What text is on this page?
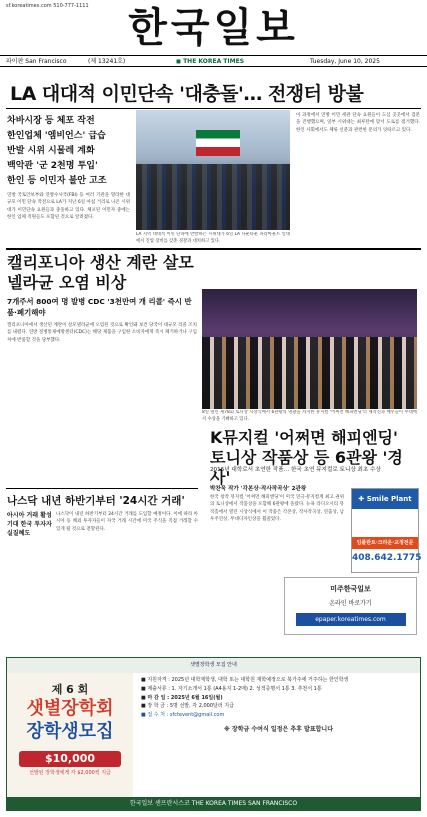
sf.koreatimes.com 510-777-1111 한국일보
파이판 San Francisco	(제 13241호)	◼ THE KOREA TIMES	Tuesday, June 10, 2025
LA 대대적 이민단속 '대충돌'… 전쟁터 방불
차바시장 등 체포 작전
한인업체 '엠비언스' 급습
반발 시위 시물레 계화
백악관 '군 2천명 투입'
한인 등 이민자 불안 고조
연방 국토안보부와 연방수사국(FBI) 등 여러 기관을 망라한 대규모 이민 단속 작전으로 LA가 지난 6일 아침 거리로 나온 시위대가 이민단속 요원들과 충돌하고 있다. 체포된 이민자 중에는 한인 업체 직원들도 포함된 것으로 알려졌다.
LA 지역 대대적 이민 단속에 반발하는 시위대가 6일 LA 다운타운 파라마운트 일대에서 진압 장비를 갖춘 경찰과 대치하고 있다.
이 과정에서 연방 이민 세관 단속 요원들이 도심 곳곳에서 검문을 진행했으며, 일부 시위대는 최루탄에 맞서 도로를 점거했다. 한인 사회에서도 체류 신분과 관련한 문의가 잇따르고 있다.
캘리포니아 생산 계란 살모넬라균 오염 비상
7개주서 800여 명 발병 CDC '3천만여 개 리콜' 즉시 반품·폐기해야
캘리포니아에서 생산된 계란이 살모넬라균에 오염된 것으로 확인돼 보건 당국이 대규모 리콜 조치를 내렸다. 연방 질병통제예방센터(CDC)는 해당 제품을 구입한 소비자에게 즉시 폐기하거나 구입처에 반품할 것을 당부했다.
8일 열린 제78회 토니상 시상식에서 6관왕의 영광을 차지한 뮤지컬 '어쩌면 해피엔딩'의 제작진과 배우들이 무대에서 수상을 기뻐하고 있다.
K뮤지컬 '어쩌면 해피엔딩' 토니상 작품상 등 6관왕 '경사'
2016년 대학로서 초연한 작품… 한국 초연 뮤지컬로 토니상 최초 수상
박찬욱 작가 '각본상·작사작곡상' 2관왕
한국 창작 뮤지컬 '어쩌면 해피엔딩'이 미국 연극·뮤지컬계 최고 권위의 토니상에서 작품상을 포함해 6관왕에 올랐다. 뉴욕 라디오시티 뮤직홀에서 열린 시상식에서 이 작품은 각본상, 작사작곡상, 연출상, 남우주연상, 무대디자인상을 휩쓸었다.
나스닥 내년 하반기부터 '24시간 거래'
아시아 거래 활성 기대 한국 투자자 실질혜도
나스닥이 내년 하반기부터 24시간 거래를 도입할 예정이다. 이에 따라 아시아 등 해외 투자자들이 자국 거래 시간에 미국 주식을 직접 거래할 수 있게 될 것으로 전망된다.
✚ Smile Plant
임플란트·크라운·교정전문
408.642.1775
미주한국일보
온라인 바로가기
epaper.koreatimes.com
샛별장학생 모집 안내
제 6 회
샛별장학회
장학생모집
$10,000
선발된 장학생에게 각 $2,000씩 지급
■ 지원자격 : 2025년 대학재학생, 대학 또는 대학원 재학예정으로 북가주에 거주하는 한인학생
■ 제출서류 : 1. 자기소개서 1통 (A4용지 1-2매) 2. 성적증명서 1통 3. 추천서 1통
■ 마 감 일 : 2025년 6월 16일(월)
■ 장 학 금 : 5명 선발, 각 2,000달러 지급
■ 접 수 처 : sfctevent@gmail.com
※ 장학금 수여식 일정은 추후 발표합니다
한국일보 샌프란시스코 THE KOREA TIMES SAN FRANCISCO
